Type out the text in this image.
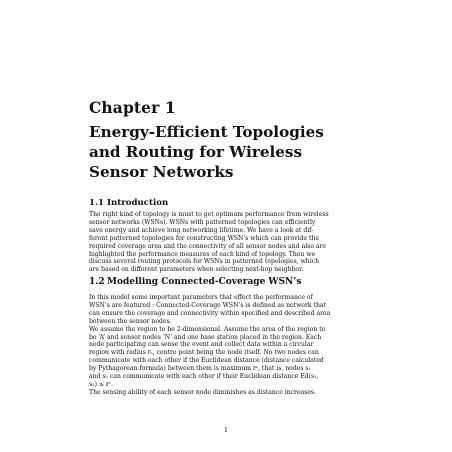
Chapter 1
Energy-Efficient Topologies
and Routing for Wireless
Sensor Networks
1.1 Introduction
The right kind of topology is must to get optimum performance from wireless
sensor networks (WSNs). WSNs with patterned topologies can efficiently
save energy and achieve long networking lifetime. We have a look at dif-
ferent patterned topologies for constructing WSN’s which can provide the
required coverage area and the connectivity of all sensor nodes and also are
highlighted the performance measures of each kind of topology. Then we
discuss several routing protocols for WSNs in patterned topologies, which
are based on different parameters when selecting next-hop neighbor.
1.2 Modelling Connected-Coverage WSN’s
In this model some important parameters that effect the performance of
WSN’s are featured : Connected-Coverage WSN’s is defined as network that
can ensure the coverage and connectivity within specified and described area
between the sensor nodes.
We assume the region to be 2-dimensional. Assume the area of the region to
be ‘A’ and sensor nodes ‘N’ and one base station placed in the region. Each
node participating can sense the event and collect data within a circular
region with radius rₛ, centre point being the node itself. No two nodes can
communicate with each other if the Euclidean distance (distance calculated
by Pythagorean formula) between them is maximum rᶜ, that is, nodes s₁
and s₂ can communicate with each other if their Euclidean distance Ed(s₁,
s₂) ≤ rᶜ.
The sensing ability of each sensor node diminishes as distance increases.
1
